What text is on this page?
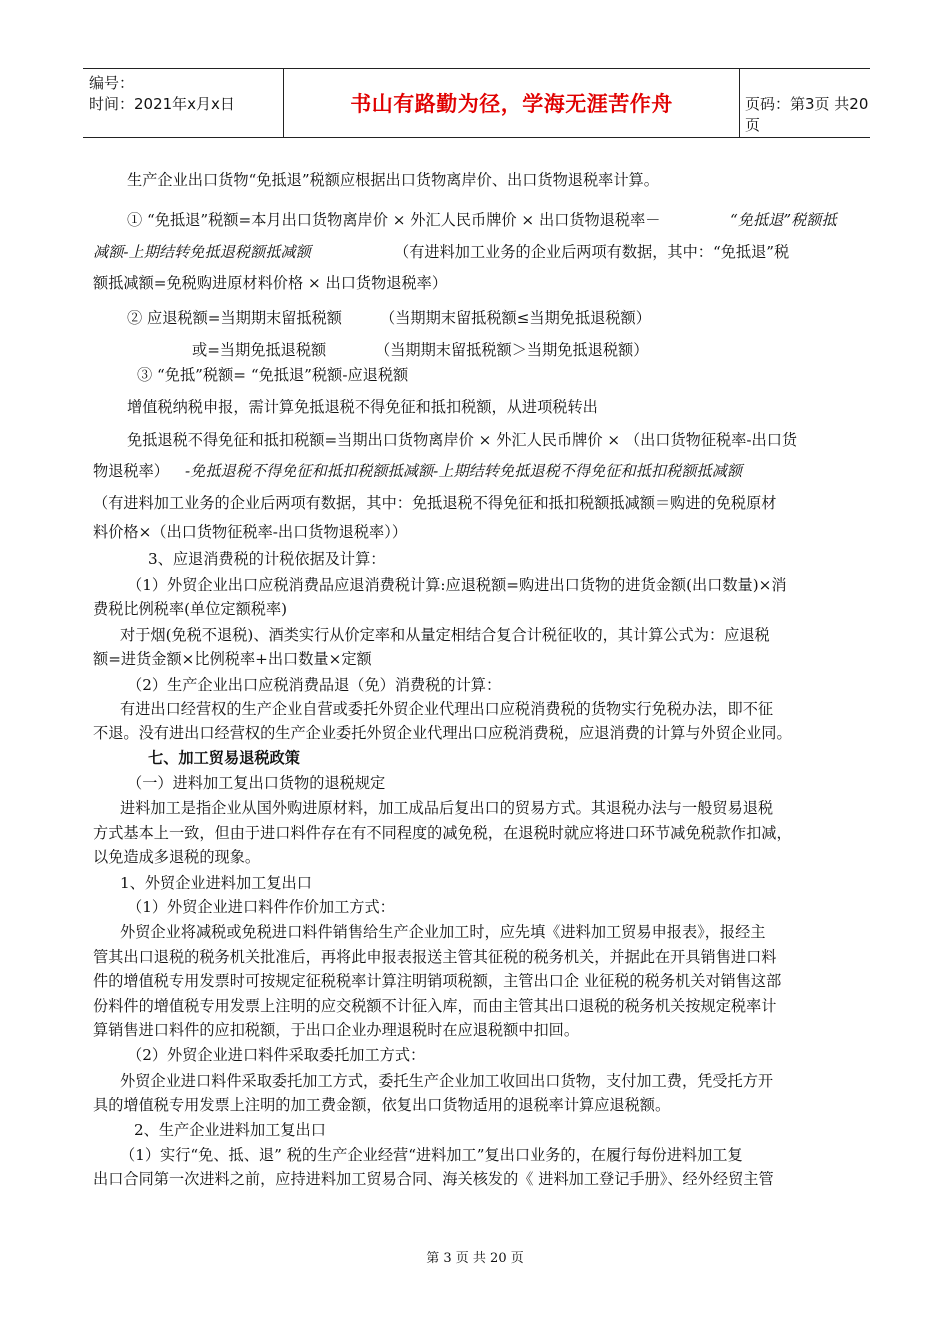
编号：
时间：2021年x月x日	书山有路勤为径，学海无涯苦作舟	页码：第3页 共20页
生产企业出口货物“免抵退”税额应根据出口货物离岸价、出口货物退税率计算。
① “免抵退”税额=本月出口货物离岸价 × 外汇人民币牌价 × 出口货物退税率－	“免抵退”税额抵
减额-上期结转免抵退税额抵减额	（有进料加工业务的企业后两项有数据，其中：“免抵退”税
额抵减额=免税购进原材料价格 × 出口货物退税率）
② 应退税额=当期期末留抵税额	（当期期末留抵税额≤当期免抵退税额）
或=当期免抵退税额	（当期期末留抵税额＞当期免抵退税额）
③ “免抵”税额= “免抵退”税额-应退税额
增值税纳税申报，需计算免抵退税不得免征和抵扣税额，从进项税转出
免抵退税不得免征和抵扣税额=当期出口货物离岸价 × 外汇人民币牌价 × （出口货物征税率-出口货
物退税率） -免抵退税不得免征和抵扣税额抵减额-上期结转免抵退税不得免征和抵扣税额抵减额
（有进料加工业务的企业后两项有数据，其中：免抵退税不得免征和抵扣税额抵减额＝购进的免税原材
料价格×（出口货物征税率-出口货物退税率））
3、应退消费税的计税依据及计算：
（1）外贸企业出口应税消费品应退消费税计算:应退税额=购进出口货物的进货金额(出口数量)×消
费税比例税率(单位定额税率)
对于烟(免税不退税)、酒类实行从价定率和从量定相结合复合计税征收的，其计算公式为：应退税
额=进货金额×比例税率+出口数量×定额
（2）生产企业出口应税消费品退（免）消费税的计算：
有进出口经营权的生产企业自营或委托外贸企业代理出口应税消费税的货物实行免税办法，即不征
不退。没有进出口经营权的生产企业委托外贸企业代理出口应税消费税，应退消费的计算与外贸企业同。
七、加工贸易退税政策
（一）进料加工复出口货物的退税规定
进料加工是指企业从国外购进原材料，加工成品后复出口的贸易方式。其退税办法与一般贸易退税
方式基本上一致，但由于进口料件存在有不同程度的减免税，在退税时就应将进口环节减免税款作扣减，
以免造成多退税的现象。
1、外贸企业进料加工复出口
（1）外贸企业进口料件作价加工方式：
外贸企业将减税或免税进口料件销售给生产企业加工时，应先填《进料加工贸易申报表》，报经主
管其出口退税的税务机关批准后，再将此申报表报送主管其征税的税务机关，并据此在开具销售进口料
件的增值税专用发票时可按规定征税税率计算注明销项税额，主管出口企 业征税的税务机关对销售这部
份料件的增值税专用发票上注明的应交税额不计征入库，而由主管其出口退税的税务机关按规定税率计
算销售进口料件的应扣税额，于出口企业办理退税时在应退税额中扣回。
（2）外贸企业进口料件采取委托加工方式：
外贸企业进口料件采取委托加工方式，委托生产企业加工收回出口货物，支付加工费，凭受托方开
具的增值税专用发票上注明的加工费金额，依复出口货物适用的退税率计算应退税额。
2、生产企业进料加工复出口
（1）实行“免、抵、退” 税的生产企业经营“进料加工”复出口业务的，在履行每份进料加工复
出口合同第一次进料之前，应持进料加工贸易合同、海关核发的《 进料加工登记手册》、经外经贸主管
第 3 页 共 20 页
